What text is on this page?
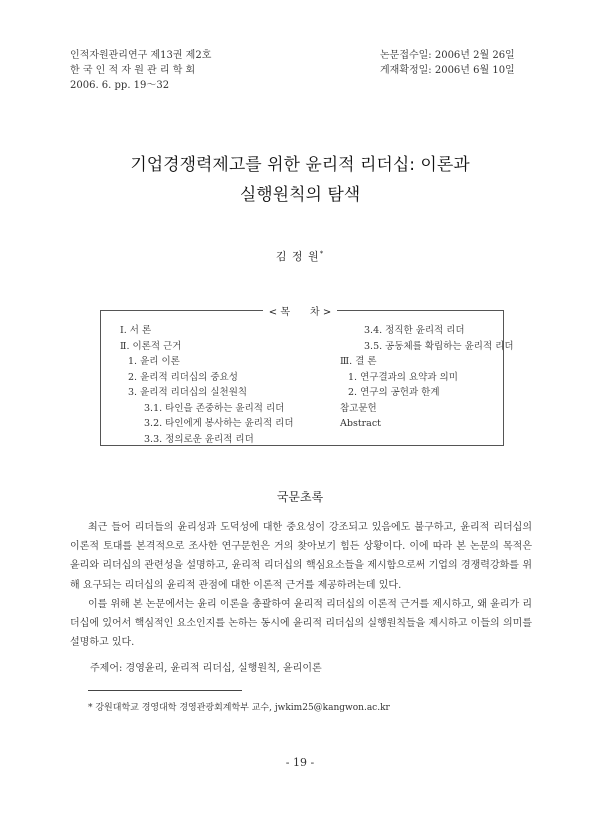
인적자원관리연구 제13권 제2호
한 국 인 적 자 원 관 리 학 회
2006. 6. pp. 19～32
논문접수일: 2006년 2월 26일
게재확정일: 2006년 6월 10일
기업경쟁력제고를 위한 윤리적 리더십: 이론과
실행원칙의 탐색
김 정 원*
< 목　　차 >
Ⅰ. 서 론
Ⅱ. 이론적 근거
1. 윤리 이론
2. 윤리적 리더십의 중요성
3. 윤리적 리더십의 실천원칙
3.1. 타인을 존중하는 윤리적 리더
3.2. 타인에게 봉사하는 윤리적 리더
3.3. 정의로운 윤리적 리더
3.4. 정직한 윤리적 리더
3.5. 공동체를 확립하는 윤리적 리더
Ⅲ. 결 론
1. 연구결과의 요약과 의미
2. 연구의 공헌과 한계
참고문헌
Abstract
국문초록

최근 들어 리더들의 윤리성과 도덕성에 대한 중요성이 강조되고 있음에도 불구하고, 윤리적 리더십의 이론적 토대를 본격적으로 조사한 연구문헌은 거의 찾아보기 힘든 상황이다. 이에 따라 본 논문의 목적은 윤리와 리더십의 관련성을 설명하고, 윤리적 리더십의 핵심요소들을 제시함으로써 기업의 경쟁력강화를 위해 요구되는 리더십의 윤리적 관점에 대한 이론적 근거를 제공하려는데 있다.

이를 위해 본 논문에서는 윤리 이론을 총괄하여 윤리적 리더십의 이론적 근거를 제시하고, 왜 윤리가 리더십에 있어서 핵심적인 요소인지를 논하는 동시에 윤리적 리더십의 실행원칙들을 제시하고 이들의 의미를 설명하고 있다.

주제어: 경영윤리, 윤리적 리더십, 실행원칙, 윤리이론
* 강원대학교 경영대학 경영관광회계학부 교수, jwkim25@kangwon.ac.kr
- 19 -
